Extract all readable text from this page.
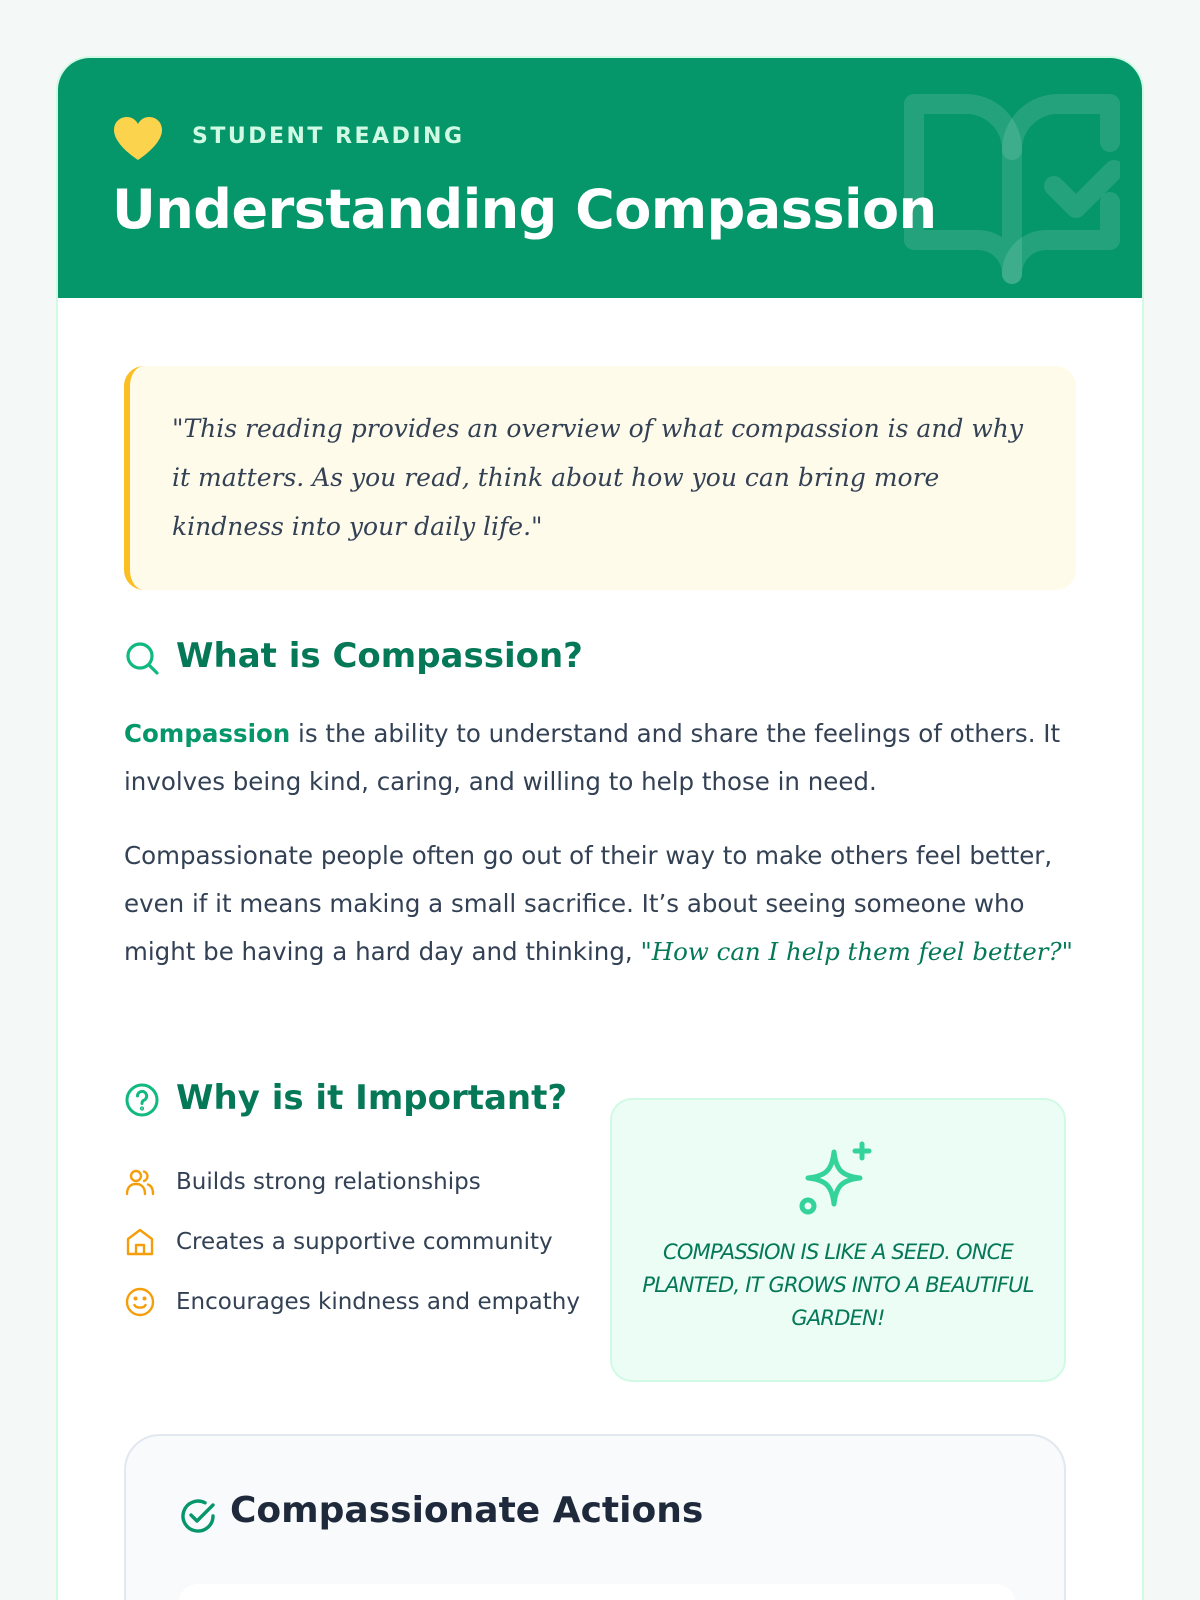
STUDENT READING
Understanding Compassion
"This reading provides an overview of what compassion is and why it matters. As you read, think about how you can bring more kindness into your daily life."
What is Compassion?
Compassion is the ability to understand and share the feelings of others. It involves being kind, caring, and willing to help those in need.
Compassionate people often go out of their way to make others feel better, even if it means making a small sacrifice. It’s about seeing someone who might be having a hard day and thinking, "How can I help them feel better?"
Why is it Important?
Builds strong relationships
Creates a supportive community
Encourages kindness and empathy
COMPASSION IS LIKE A SEED. ONCE PLANTED, IT GROWS INTO A BEAUTIFUL GARDEN!
Compassionate Actions
